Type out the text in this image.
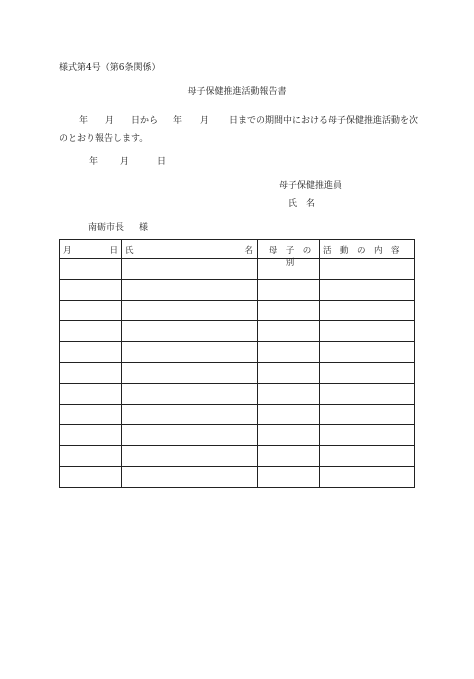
様式第4号（第6条関係）
母子保健推進活動報告書
年 月 日から 年 月 日までの期間中における母子保健推進活動を次
のとおり報告します。
年 月	日
母子保健推進員
氏　名
南砺市長 様
月 日	氏 名	母　子　の　別	活　動　の　内　容
